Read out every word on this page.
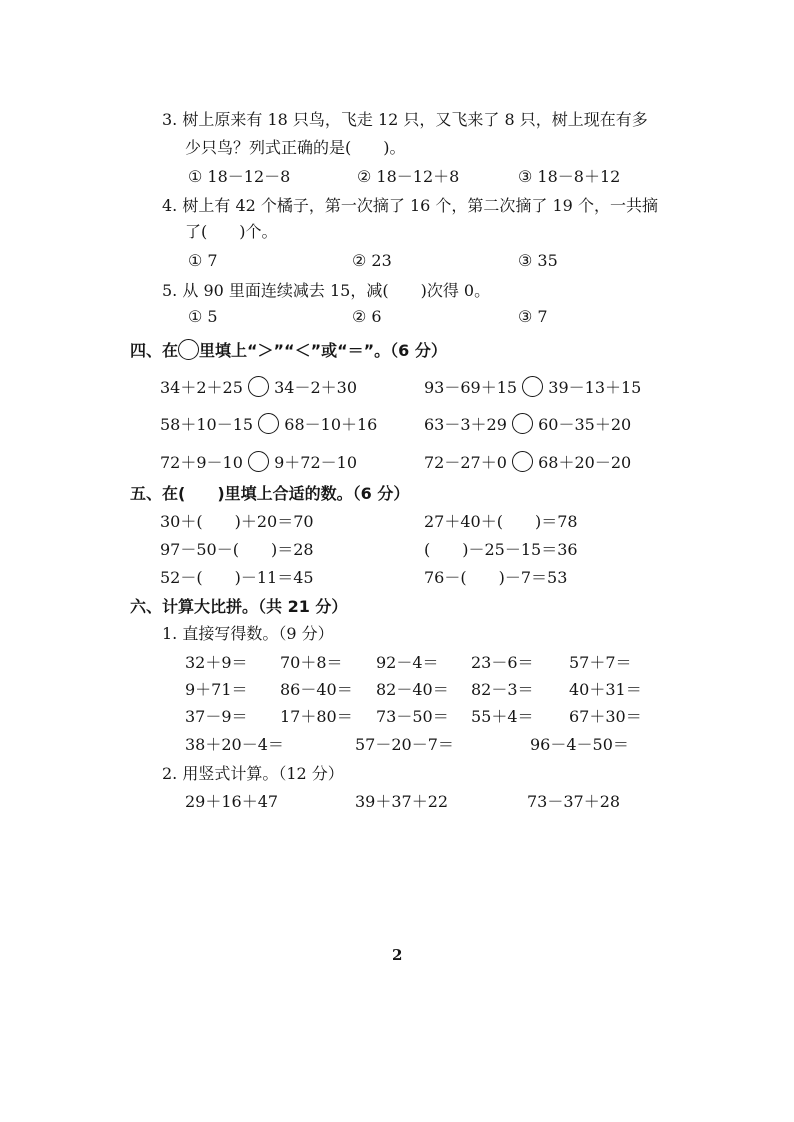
3. 树上原来有 18 只鸟，飞走 12 只，又飞来了 8 只，树上现在有多
少只鸟？列式正确的是(　　)。
① 18－12－8	② 18－12＋8	③ 18－8＋12
4. 树上有 42 个橘子，第一次摘了 16 个，第二次摘了 19 个，一共摘
了(　　)个。
① 7	② 23	③ 35
5. 从 90 里面连续减去 15，减(　　)次得 0。
① 5	② 6	③ 7
四、在 里填上“＞”“＜”或“＝”。（6 分）
34＋2＋25 34－2＋30	93－69＋15 39－13＋15
58＋10－15 68－10＋16	63－3＋29 60－35＋20
72＋9－10 9＋72－10	72－27＋0 68＋20－20
五、在(　　)里填上合适的数。（6 分）
30＋(　　)＋20＝70	27＋40＋(　　)＝78
97－50－(　　)＝28	(　　)－25－15＝36
52－(　　)－11＝45	76－(　　)－7＝53
六、计算大比拼。（共 21 分）
1. 直接写得数。（9 分）
32＋9＝ 70＋8＝ 92－4＝ 23－6＝ 57＋7＝
9＋71＝ 86－40＝ 82－40＝ 82－3＝ 40＋31＝
37－9＝ 17＋80＝ 73－50＝ 55＋4＝ 67＋30＝
38＋20－4＝	57－20－7＝	96－4－50＝
2. 用竖式计算。（12 分）
29＋16＋47	39＋37＋22	73－37＋28
2
